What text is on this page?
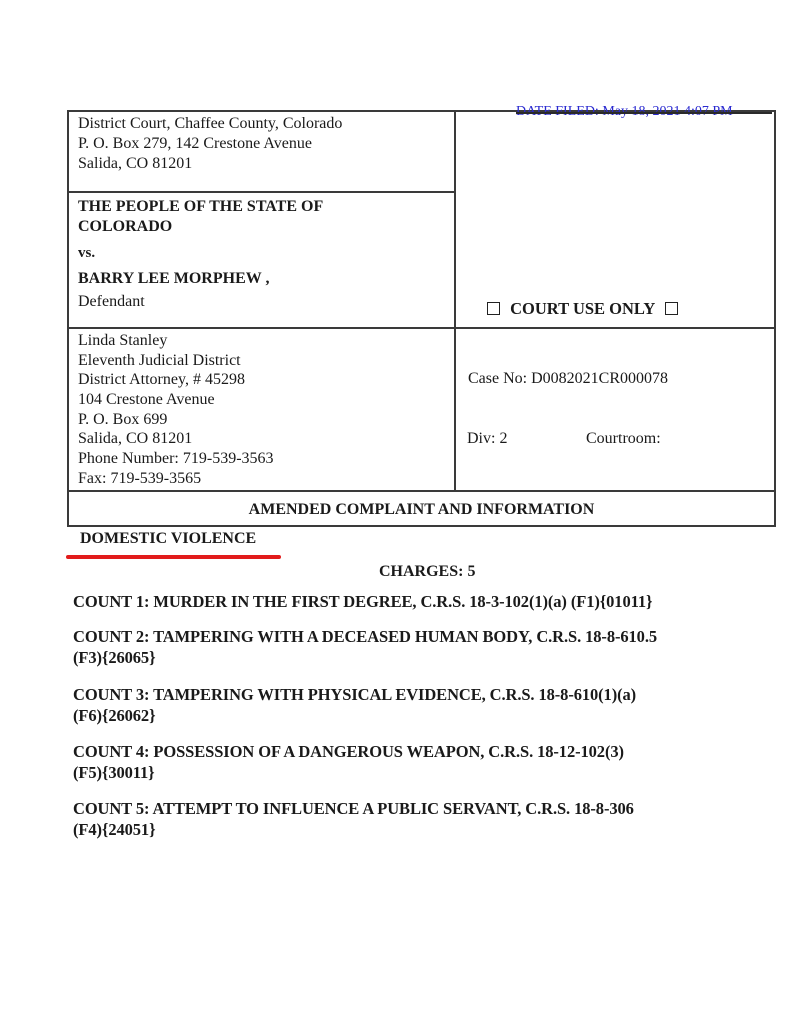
District Court, Chaffee County, Colorado
P. O. Box 279, 142 Crestone Avenue
Salida, CO 81201
THE PEOPLE OF THE STATE OF
COLORADO
vs.
BARRY LEE MORPHEW ,
Defendant	COURT USE ONLY
Linda Stanley
Eleventh Judicial District
District Attorney, # 45298
104 Crestone Avenue
P. O. Box 699
Salida, CO 81201
Phone Number: 719-539-3563
Fax: 719-539-3565
Case No: D0082021CR000078
Div: 2	Courtroom:
AMENDED COMPLAINT AND INFORMATION
DOMESTIC VIOLENCE
CHARGES: 5
COUNT 1: MURDER IN THE FIRST DEGREE, C.R.S. 18-3-102(1)(a) (F1){01011}
COUNT 2: TAMPERING WITH A DECEASED HUMAN BODY, C.R.S. 18-8-610.5
(F3){26065}
COUNT 3: TAMPERING WITH PHYSICAL EVIDENCE, C.R.S. 18-8-610(1)(a)
(F6){26062}
COUNT 4: POSSESSION OF A DANGEROUS WEAPON, C.R.S. 18-12-102(3)
(F5){30011}
COUNT 5: ATTEMPT TO INFLUENCE A PUBLIC SERVANT, C.R.S. 18-8-306
(F4){24051}
